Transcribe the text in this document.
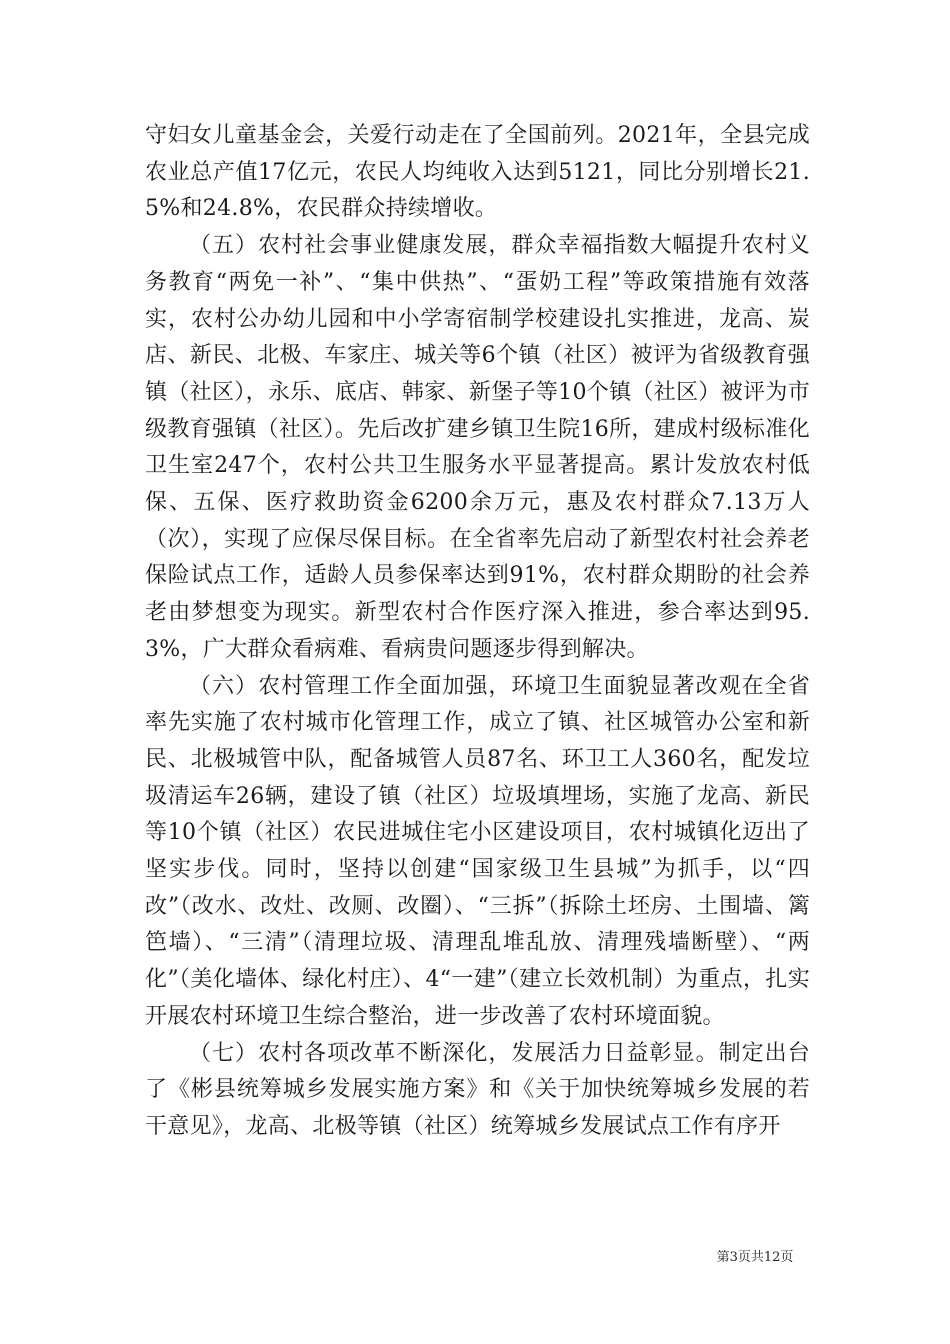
守妇女儿童基金会，关爱行动走在了全国前列。2021年，全县完成农业总产值17亿元，农民人均纯收入达到5121，同比分别增长21.5%和24.8%，农民群众持续增收。

（五）农村社会事业健康发展，群众幸福指数大幅提升农村义务教育“两免一补”、“集中供热”、“蛋奶工程”等政策措施有效落实，农村公办幼儿园和中小学寄宿制学校建设扎实推进，龙高、炭店、新民、北极、车家庄、城关等6个镇（社区）被评为省级教育强镇（社区），永乐、底店、韩家、新堡子等10个镇（社区）被评为市级教育强镇（社区）。先后改扩建乡镇卫生院16所，建成村级标准化卫生室247个，农村公共卫生服务水平显著提高。累计发放农村低保、五保、医疗救助资金6200余万元，惠及农村群众7.13万人（次），实现了应保尽保目标。在全省率先启动了新型农村社会养老保险试点工作，适龄人员参保率达到91%，农村群众期盼的社会养老由梦想变为现实。新型农村合作医疗深入推进，参合率达到95.3%，广大群众看病难、看病贵问题逐步得到解决。

（六）农村管理工作全面加强，环境卫生面貌显著改观在全省率先实施了农村城市化管理工作，成立了镇、社区城管办公室和新民、北极城管中队，配备城管人员87名、环卫工人360名，配发垃圾清运车26辆，建设了镇（社区）垃圾填埋场，实施了龙高、新民等10个镇（社区）农民进城住宅小区建设项目，农村城镇化迈出了坚实步伐。同时，坚持以创建“国家级卫生县城”为抓手，以“四改”（改水、改灶、改厕、改圈）、“三拆”（拆除土坯房、土围墙、篱笆墙）、“三清”（清理垃圾、清理乱堆乱放、清理残墙断壁）、“两化”（美化墙体、绿化村庄）、4“一建”（建立长效机制）为重点，扎实开展农村环境卫生综合整治，进一步改善了农村环境面貌。

（七）农村各项改革不断深化，发展活力日益彰显。制定出台了《彬县统筹城乡发展实施方案》和《关于加快统筹城乡发展的若干意见》，龙高、北极等镇（社区）统筹城乡发展试点工作有序开

第3页共12页
